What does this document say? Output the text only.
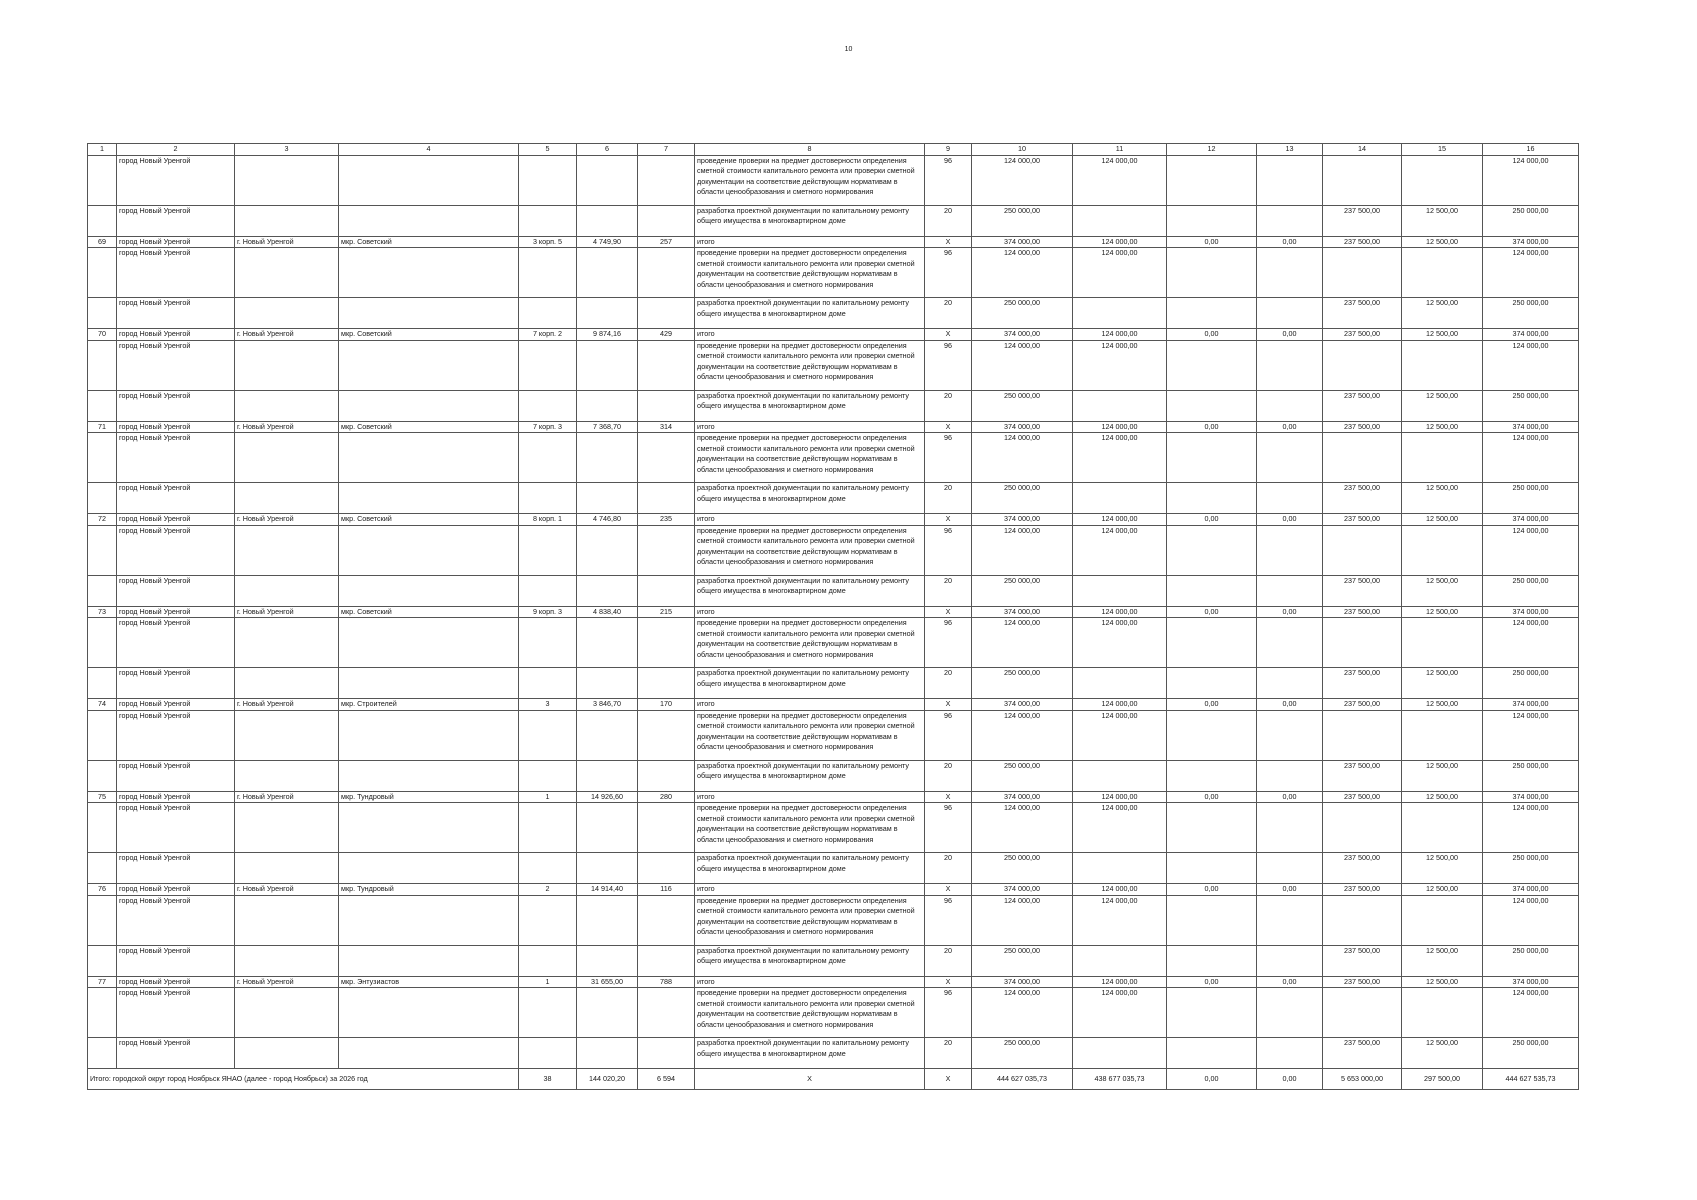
10
1	2	3	4	5	6	7	8	9	10	11	12	13	14	15	16
	город Новый Уренгой						проведение проверки на предмет достоверности определения сметной стоимости капитального ремонта или проверки сметной документации на соответствие действующим нормативам в области ценообразования и сметного нормирования	96	124 000,00	124 000,00					124 000,00
	город Новый Уренгой						разработка проектной документации по капитальному ремонту общего имущества в многоквартирном доме	20	250 000,00				237 500,00	12 500,00	250 000,00
69	город Новый Уренгой	г. Новый Уренгой	мкр. Советский	3 корп. 5	4 749,90	257	итого	X	374 000,00	124 000,00	0,00	0,00	237 500,00	12 500,00	374 000,00
	город Новый Уренгой						проведение проверки на предмет достоверности определения сметной стоимости капитального ремонта или проверки сметной документации на соответствие действующим нормативам в области ценообразования и сметного нормирования	96	124 000,00	124 000,00					124 000,00
	город Новый Уренгой						разработка проектной документации по капитальному ремонту общего имущества в многоквартирном доме	20	250 000,00				237 500,00	12 500,00	250 000,00
70	город Новый Уренгой	г. Новый Уренгой	мкр. Советский	7 корп. 2	9 874,16	429	итого	X	374 000,00	124 000,00	0,00	0,00	237 500,00	12 500,00	374 000,00
	город Новый Уренгой						проведение проверки на предмет достоверности определения сметной стоимости капитального ремонта или проверки сметной документации на соответствие действующим нормативам в области ценообразования и сметного нормирования	96	124 000,00	124 000,00					124 000,00
	город Новый Уренгой						разработка проектной документации по капитальному ремонту общего имущества в многоквартирном доме	20	250 000,00				237 500,00	12 500,00	250 000,00
71	город Новый Уренгой	г. Новый Уренгой	мкр. Советский	7 корп. 3	7 368,70	314	итого	X	374 000,00	124 000,00	0,00	0,00	237 500,00	12 500,00	374 000,00
	город Новый Уренгой						проведение проверки на предмет достоверности определения сметной стоимости капитального ремонта или проверки сметной документации на соответствие действующим нормативам в области ценообразования и сметного нормирования	96	124 000,00	124 000,00					124 000,00
	город Новый Уренгой						разработка проектной документации по капитальному ремонту общего имущества в многоквартирном доме	20	250 000,00				237 500,00	12 500,00	250 000,00
72	город Новый Уренгой	г. Новый Уренгой	мкр. Советский	8 корп. 1	4 746,80	235	итого	X	374 000,00	124 000,00	0,00	0,00	237 500,00	12 500,00	374 000,00
	город Новый Уренгой						проведение проверки на предмет достоверности определения сметной стоимости капитального ремонта или проверки сметной документации на соответствие действующим нормативам в области ценообразования и сметного нормирования	96	124 000,00	124 000,00					124 000,00
	город Новый Уренгой						разработка проектной документации по капитальному ремонту общего имущества в многоквартирном доме	20	250 000,00				237 500,00	12 500,00	250 000,00
73	город Новый Уренгой	г. Новый Уренгой	мкр. Советский	9 корп. 3	4 838,40	215	итого	X	374 000,00	124 000,00	0,00	0,00	237 500,00	12 500,00	374 000,00
	город Новый Уренгой						проведение проверки на предмет достоверности определения сметной стоимости капитального ремонта или проверки сметной документации на соответствие действующим нормативам в области ценообразования и сметного нормирования	96	124 000,00	124 000,00					124 000,00
	город Новый Уренгой						разработка проектной документации по капитальному ремонту общего имущества в многоквартирном доме	20	250 000,00				237 500,00	12 500,00	250 000,00
74	город Новый Уренгой	г. Новый Уренгой	мкр. Строителей	3	3 846,70	170	итого	X	374 000,00	124 000,00	0,00	0,00	237 500,00	12 500,00	374 000,00
	город Новый Уренгой						проведение проверки на предмет достоверности определения сметной стоимости капитального ремонта или проверки сметной документации на соответствие действующим нормативам в области ценообразования и сметного нормирования	96	124 000,00	124 000,00					124 000,00
	город Новый Уренгой						разработка проектной документации по капитальному ремонту общего имущества в многоквартирном доме	20	250 000,00				237 500,00	12 500,00	250 000,00
75	город Новый Уренгой	г. Новый Уренгой	мкр. Тундровый	1	14 926,60	280	итого	X	374 000,00	124 000,00	0,00	0,00	237 500,00	12 500,00	374 000,00
	город Новый Уренгой						проведение проверки на предмет достоверности определения сметной стоимости капитального ремонта или проверки сметной документации на соответствие действующим нормативам в области ценообразования и сметного нормирования	96	124 000,00	124 000,00					124 000,00
	город Новый Уренгой						разработка проектной документации по капитальному ремонту общего имущества в многоквартирном доме	20	250 000,00				237 500,00	12 500,00	250 000,00
76	город Новый Уренгой	г. Новый Уренгой	мкр. Тундровый	2	14 914,40	116	итого	X	374 000,00	124 000,00	0,00	0,00	237 500,00	12 500,00	374 000,00
	город Новый Уренгой						проведение проверки на предмет достоверности определения сметной стоимости капитального ремонта или проверки сметной документации на соответствие действующим нормативам в области ценообразования и сметного нормирования	96	124 000,00	124 000,00					124 000,00
	город Новый Уренгой						разработка проектной документации по капитальному ремонту общего имущества в многоквартирном доме	20	250 000,00				237 500,00	12 500,00	250 000,00
77	город Новый Уренгой	г. Новый Уренгой	мкр. Энтузиастов	1	31 655,00	788	итого	X	374 000,00	124 000,00	0,00	0,00	237 500,00	12 500,00	374 000,00
	город Новый Уренгой						проведение проверки на предмет достоверности определения сметной стоимости капитального ремонта или проверки сметной документации на соответствие действующим нормативам в области ценообразования и сметного нормирования	96	124 000,00	124 000,00					124 000,00
	город Новый Уренгой						разработка проектной документации по капитальному ремонту общего имущества в многоквартирном доме	20	250 000,00				237 500,00	12 500,00	250 000,00
Итого: городской округ город Ноябрьск ЯНАО (далее - город Ноябрьск) за 2026 год				38	144 020,20	6 594	X	X	444 627 035,73	438 677 035,73	0,00	0,00	5 653 000,00	297 500,00	444 627 535,73
